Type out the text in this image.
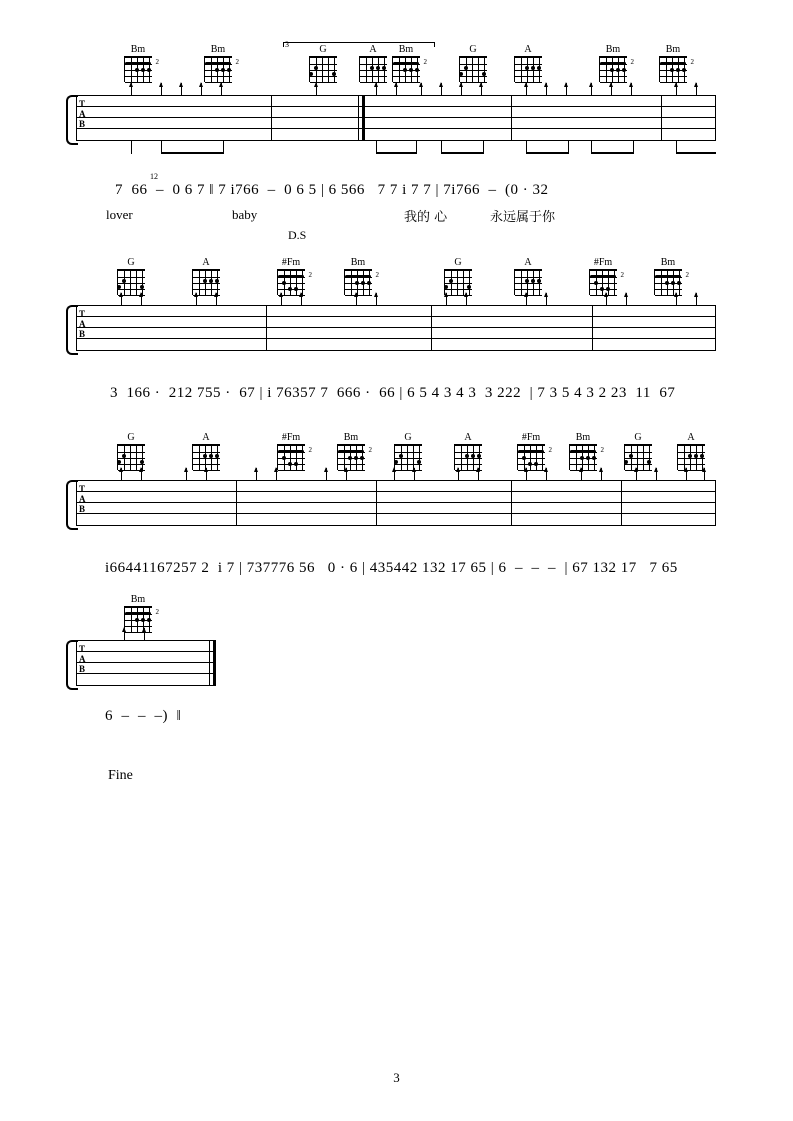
Bm
2
Bm
2
G	A	Bm
2
G	A	Bm
2
Bm
2
3
T
A
B
7  66  –  0 6 7 ‖ 7 i766  –  0 6 5 | 6 566   7 7 i 7 7 | 7i766  –  (0 · 32
12
lover	baby	我的 心	永远属于你
D.S
G	A	#Fm
2
Bm
2
G	A	#Fm
2
Bm
2
T
A
B
3  166 ·  212 755 ·  67 | i 76357 7  666 ·  66 | 6 5 4 3 4 3  3 222  | 7 3 5 4 3 2 23  11  67
G	A	#Fm
2
Bm
2
G	A	#Fm
2
Bm
2
G	A
T
A
B
i66441167257 2  i 7 | 737776 56   0 · 6 | 435442 132 17 65 | 6  –  –  –  | 67 132 17   7 65
Bm
2
T
A
B
6  –  –  –)  ‖
Fine
3
